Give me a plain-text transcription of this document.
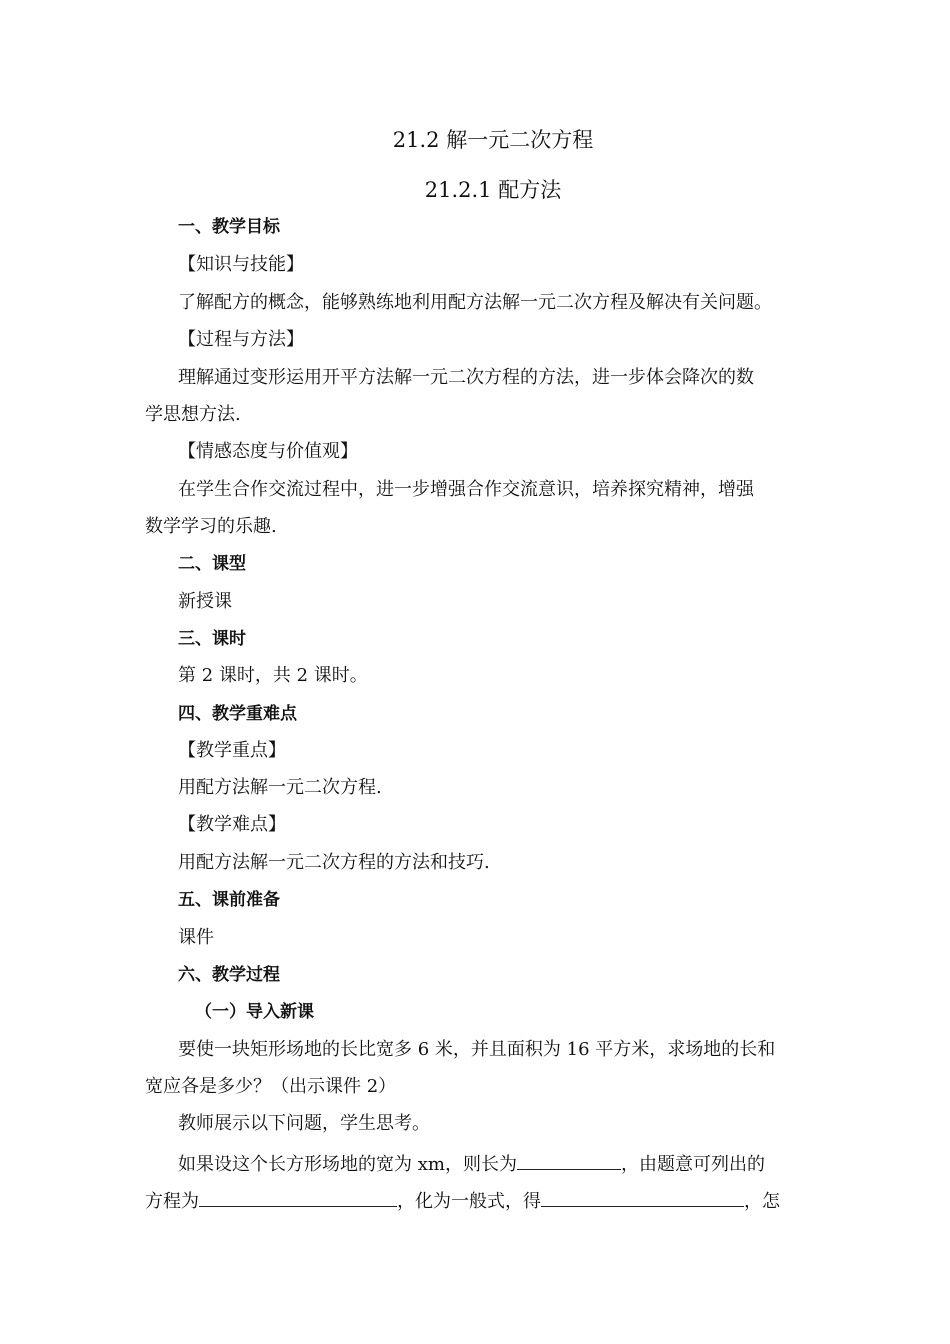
21.2 解一元二次方程
21.2.1 配方法
一、教学目标
【知识与技能】
了解配方的概念，能够熟练地利用配方法解一元二次方程及解决有关问题。
【过程与方法】
理解通过变形运用开平方法解一元二次方程的方法，进一步体会降次的数
学思想方法.
【情感态度与价值观】
在学生合作交流过程中，进一步增强合作交流意识，培养探究精神，增强
数学学习的乐趣.
二、课型
新授课
三、课时
第 2 课时，共 2 课时。
四、教学重难点
【教学重点】
用配方法解一元二次方程.
【教学难点】
用配方法解一元二次方程的方法和技巧.
五、课前准备
课件
六、教学过程
（一）导入新课
要使一块矩形场地的长比宽多 6 米，并且面积为 16 平方米，求场地的长和
宽应各是多少？（出示课件 2）
教师展示以下问题，学生思考。
如果设这个长方形场地的宽为 xm，则长为	，由题意可列出的
方程为	，化为一般式，得	，怎
